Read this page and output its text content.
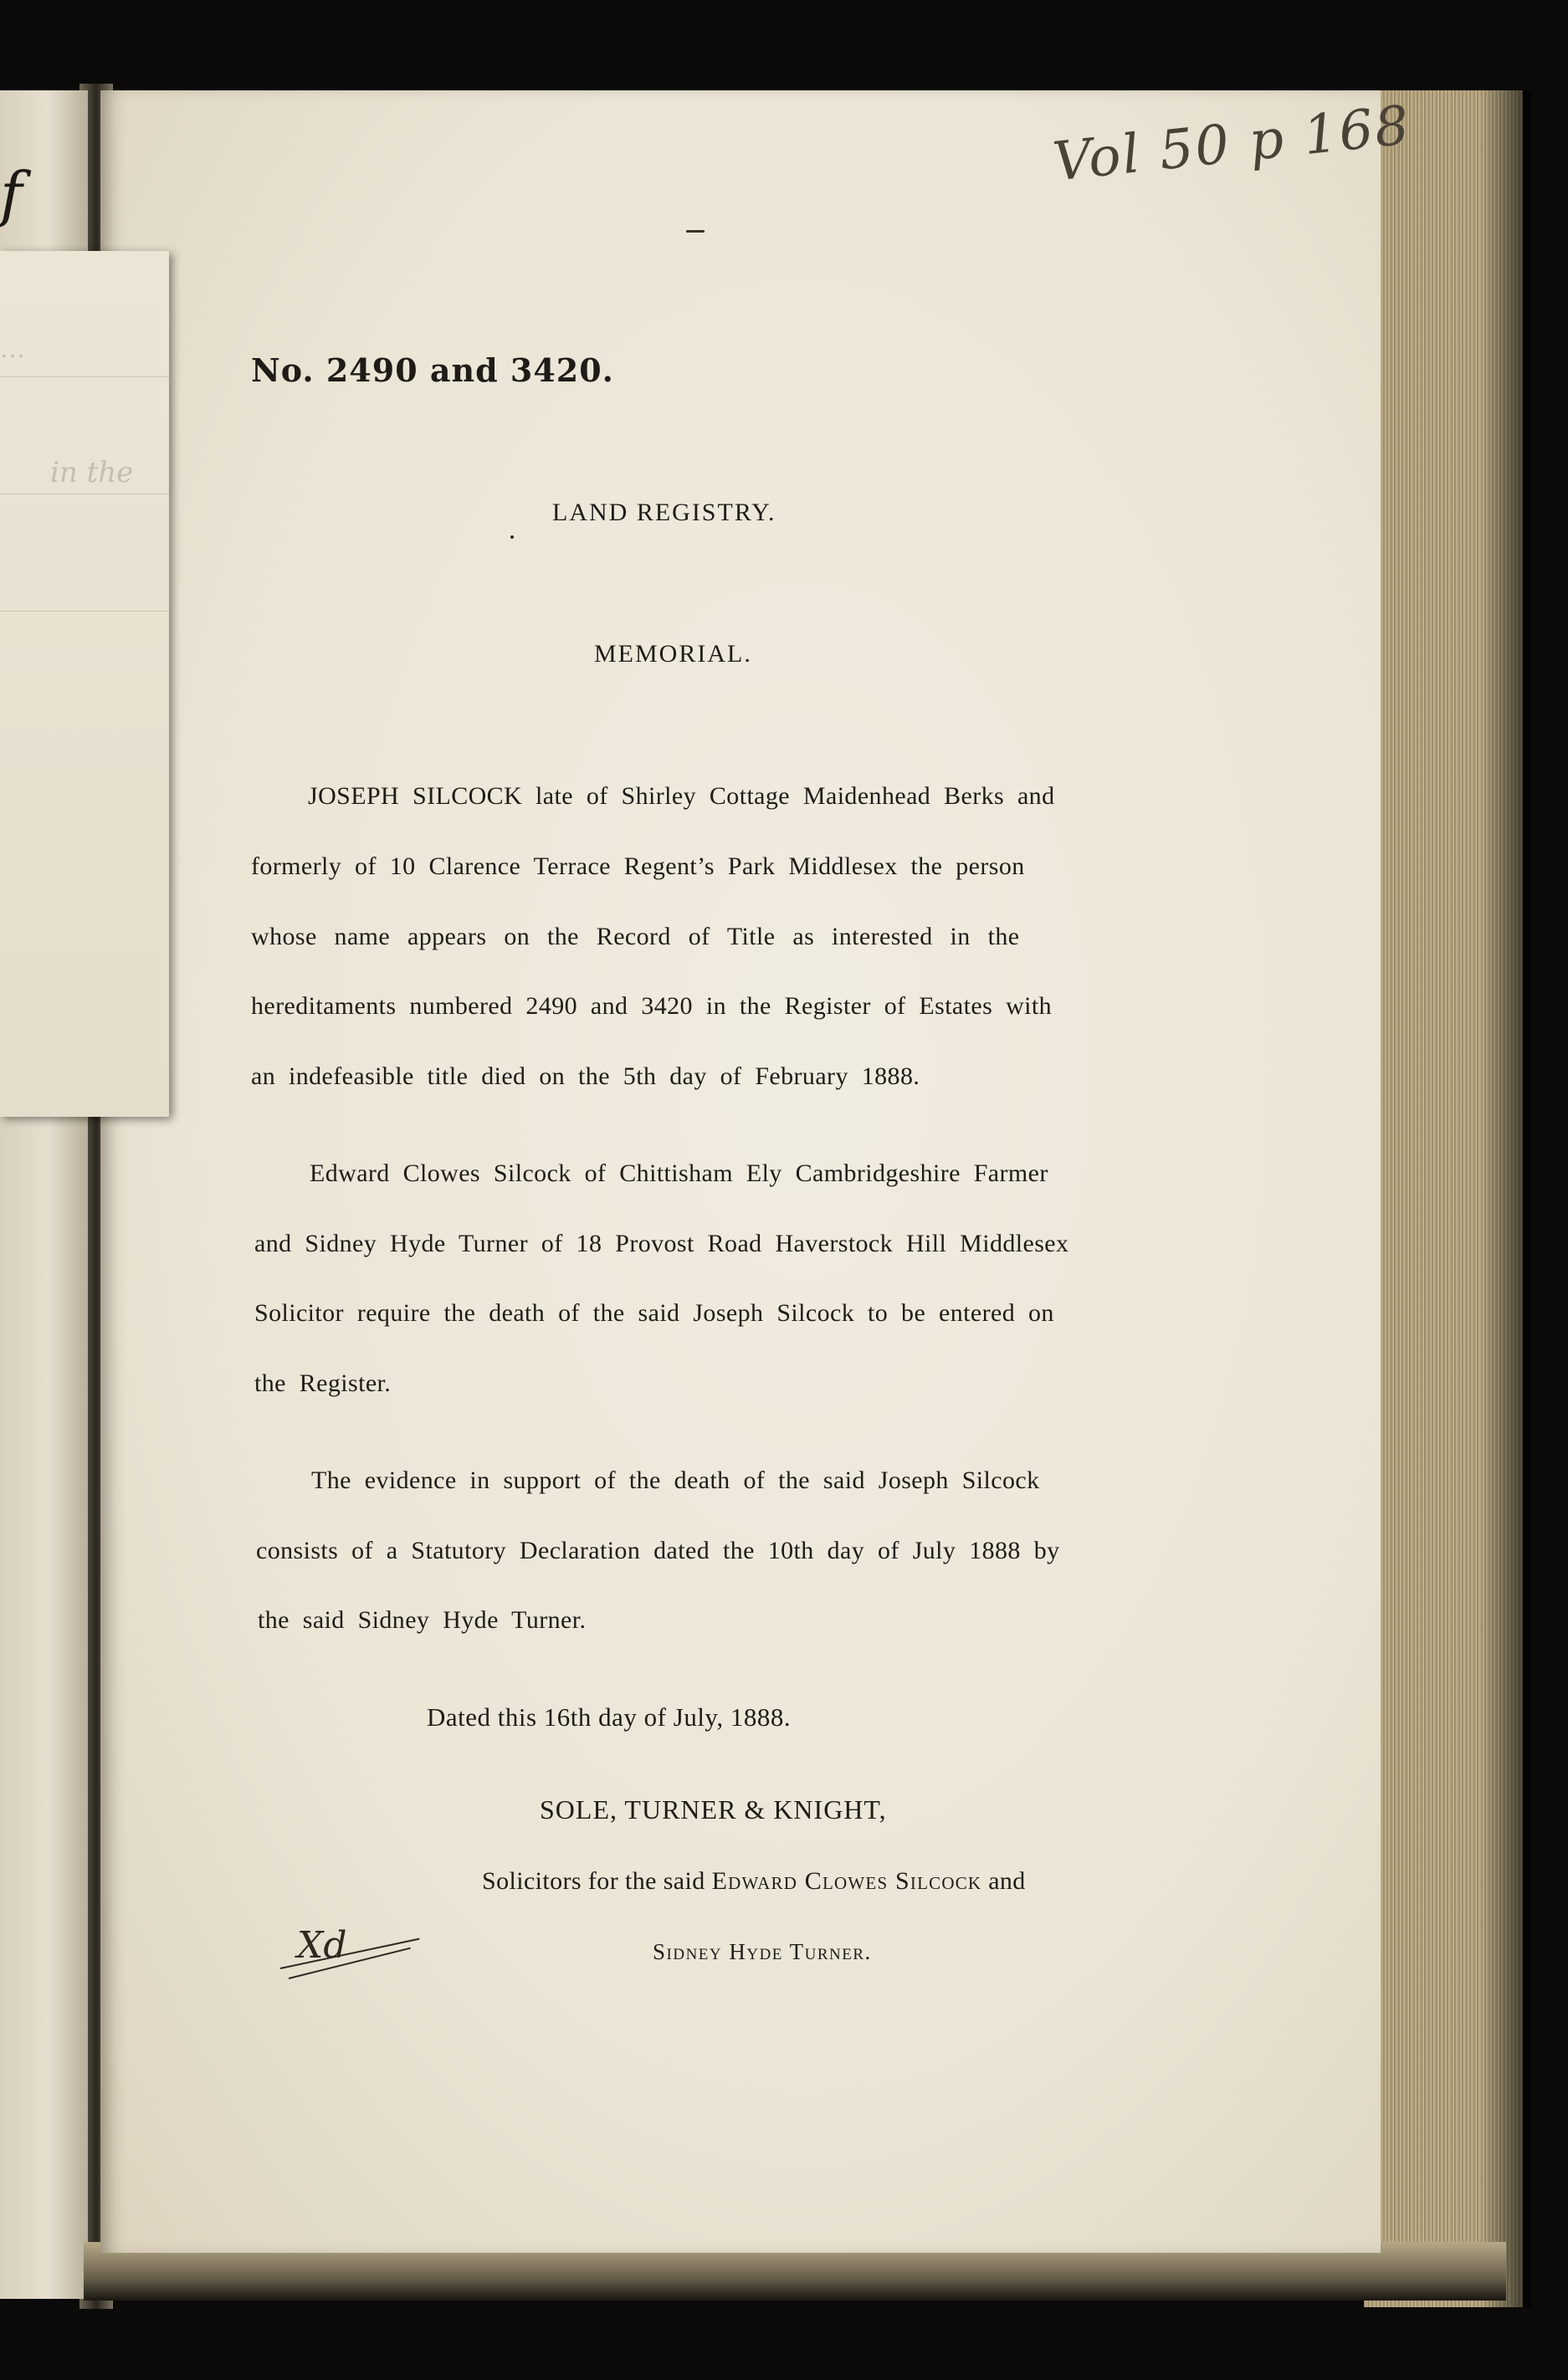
f
…
in the
Vol 50 p 168
No. 2490 and 3420.
LAND REGISTRY.
MEMORIAL.
JOSEPH SILCOCK late of Shirley Cottage Maidenhead Berks and
formerly of 10 Clarence Terrace Regent’s Park Middlesex the person
whose name appears on the Record of Title as interested in the
hereditaments numbered 2490 and 3420 in the Register of Estates with
an indefeasible title died on the 5th day of February 1888.
Edward Clowes Silcock of Chittisham Ely Cambridgeshire Farmer
and Sidney Hyde Turner of 18 Provost Road Haverstock Hill Middlesex
Solicitor require the death of the said Joseph Silcock to be entered on
the Register.
The evidence in support of the death of the said Joseph Silcock
consists of a Statutory Declaration dated the 10th day of July 1888 by
the said Sidney Hyde Turner.
Dated this 16th day of July, 1888.
SOLE, TURNER & KNIGHT,
Solicitors for the said Edward Clowes Silcock and
Sidney Hyde Turner.
Xd
